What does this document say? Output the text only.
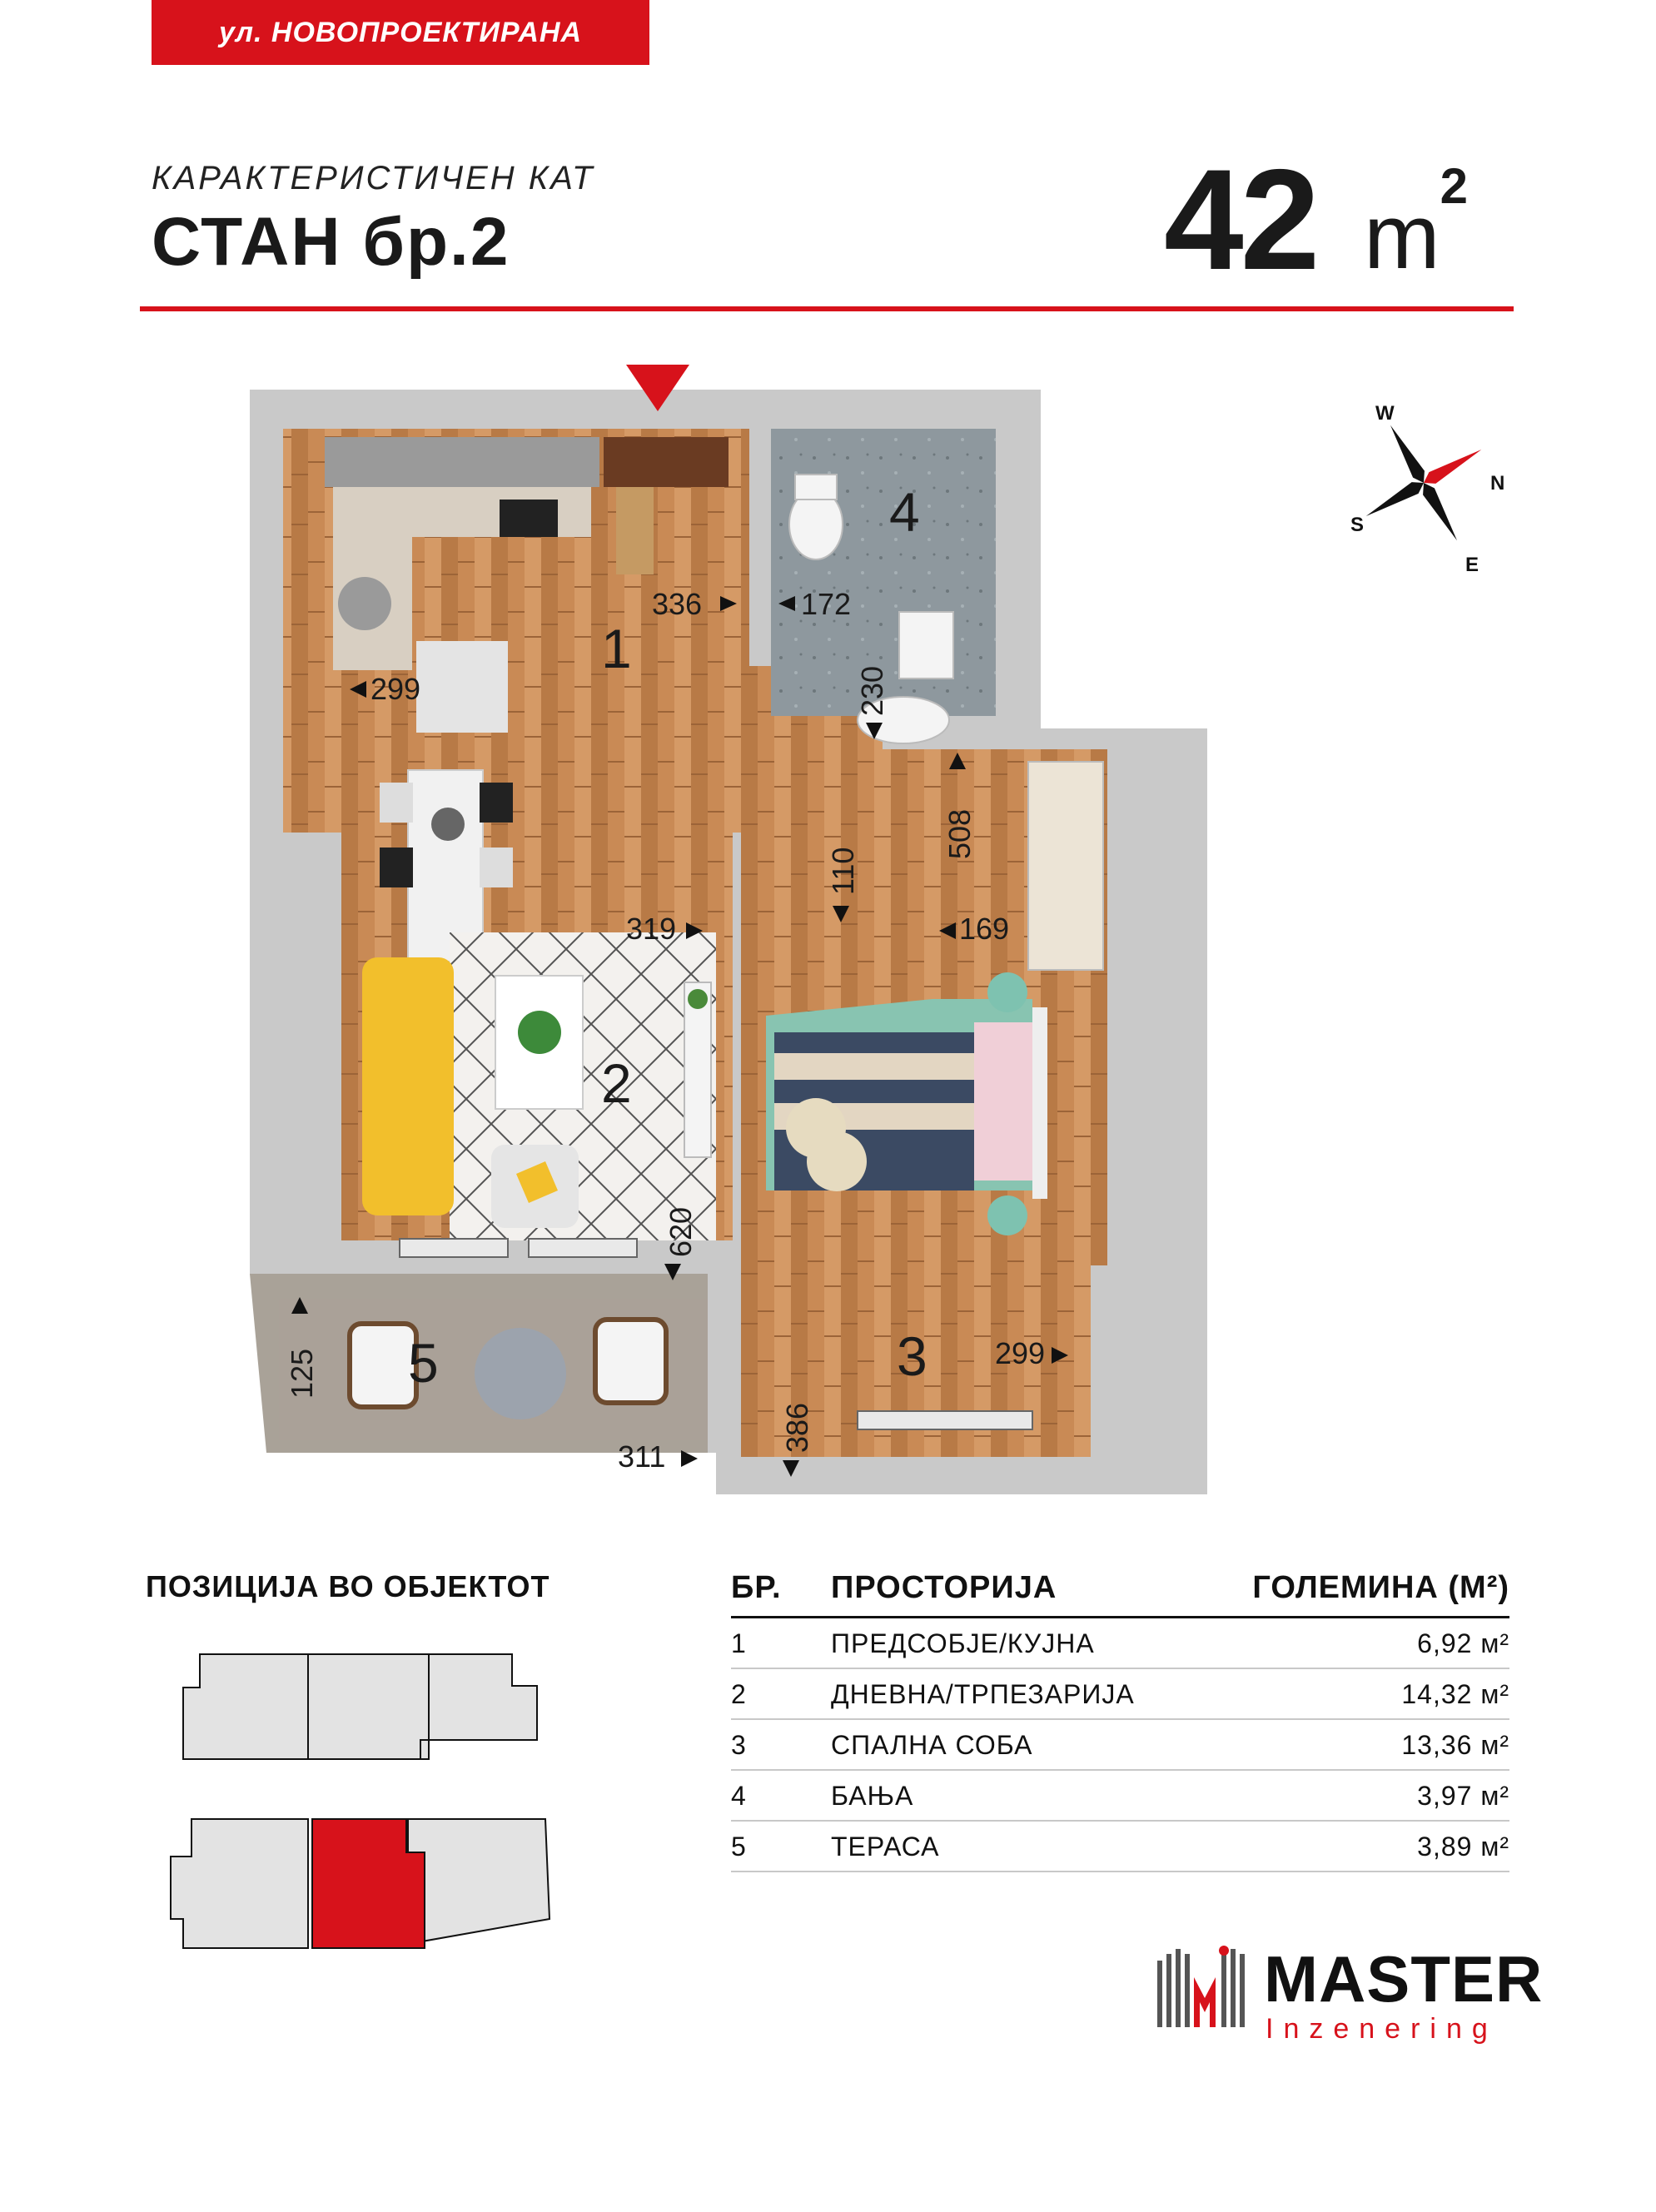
ул. НОВОПРОЕКТИРАНА
КАРАКТЕРИСТИЧЕН КАТ
СТАН бр.2	42 $m^2$
1
2
3
4
5
336	172
230
299
110
508
319	169
620
125	299
386
311
W
N
S
E
ПОЗИЦИЈА ВО ОБЈЕКТОТ	БР.	ПРОСТОРИЈА	ГОЛЕМИНА (М²)
1	ПРЕДСОБЈЕ/КУЈНА	6,92 м²
2	ДНЕВНА/ТРПЕЗАРИЈА	14,32 м²
3	СПАЛНА СОБА	13,36 м²
4	БАЊА	3,97 м²
5	ТЕРАСА	3,89 м²
MASTER
Inzenering
